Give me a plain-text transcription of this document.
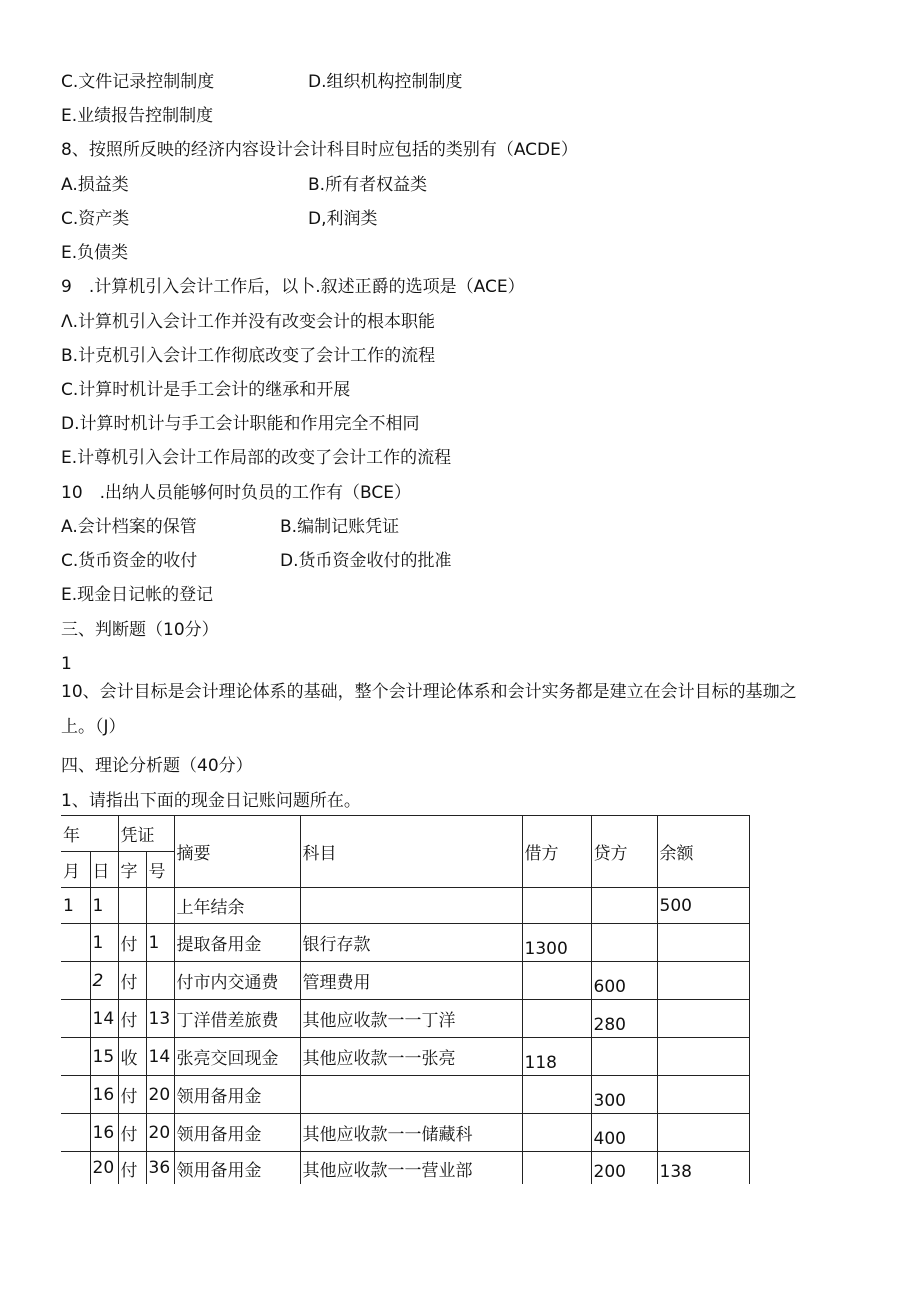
C.文件记录控制制度	D.组织机构控制制度
E.业绩报告控制制度
8、按照所反映的经济内容设计会计科目时应包括的类别有（ACDE）
A.损益类	B.所有者权益类
C.资产类	D,利润类
E.负债类
9　.计算机引入会计工作后，以卜.叙述正爵的选项是（ACE）
Λ.计算机引入会计工作并没有改变会计的根本职能
B.计克机引入会计工作彻底改变了会计工作的流程
C.计算时机计是手工会计的继承和开展
D.计算时机计与手工会计职能和作用完全不相同
E.计尊机引入会计工作局部的改变了会计工作的流程
10　.出纳人员能够何时负员的工作有（BCE）
A.会计档案的保管	B.编制记账凭证
C.货币资金的收付	D.货币资金收付的批准
E.现金日记帐的登记
三、判断题（10分）
1
10、会计目标是会计理论体系的基础，整个会计理论体系和会计实务都是建立在会计目标的基珈之
上。（J）
四、理论分析题（40分）
1、请指出下面的现金日记账问题所在。
年		凭证		摘要	科目	借方	贷方	余额
月	日	字	号					
1	1			上年结余				500
	1	付	1	提取备用金	银行存款	1300		
	2	付		付市内交通费	管理费用		600	
	14	付	13	丁洋借差旅费	其他应收款一一丁洋		280	
	15	收	14	张亮交回现金	其他应收款一一张亮	118		
	16	付	20	领用备用金			300	
	16	付	20	领用备用金	其他应收款一一储藏科		400	
	20	付	36	领用备用金	其他应收款一一营业部		200	138
